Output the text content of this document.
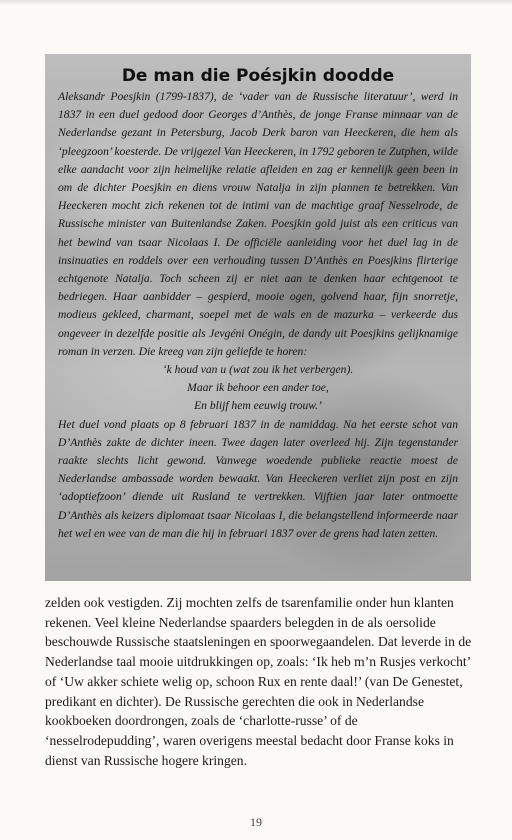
De man die Poésjkin doodde

Aleksandr Poesjkin (1799-1837), de ‘vader van de Russische literatuur’, werd in 1837 in een duel gedood door Georges d’Anthès, de jonge Franse minnaar van de Nederlandse gezant in Petersburg, Jacob Derk baron van Heeckeren, die hem als ‘pleegzoon’ koesterde. De vrijgezel Van Heeckeren, in 1792 geboren te Zutphen, wilde elke aandacht voor zijn heimelijke relatie afleiden en zag er kennelijk geen been in om de dichter Poesjkin en diens vrouw Natalja in zijn plannen te betrekken. Van Heeckeren mocht zich rekenen tot de intimi van de machtige graaf Nesselrode, de Russische minister van Buitenlandse Zaken. Poesjkin gold juist als een criticus van het bewind van tsaar Nicolaas I. De officiële aanleiding voor het duel lag in de insinuaties en roddels over een verhouding tussen D’Anthès en Poesjkins flirterige echtgenote Natalja. Toch scheen zij er niet aan te denken haar echtgenoot te bedriegen. Haar aanbidder – gespierd, mooie ogen, golvend haar, fijn snorretje, modieus gekleed, charmant, soepel met de wals en de mazurka – verkeerde dus ongeveer in dezelfde positie als Jevgéni Onégin, de dandy uit Poesjkins gelijknamige roman in verzen. Die kreeg van zijn geliefde te horen:

‘k houd van u (wat zou ik het verbergen).
Maar ik behoor een ander toe,
En blijf hem eeuwig trouw.’

Het duel vond plaats op 8 februari 1837 in de namiddag. Na het eerste schot van D’Anthès zakte de dichter ineen. Twee dagen later overleed hij. Zijn tegenstander raakte slechts licht gewond. Vanwege woedende publieke reactie moest de Nederlandse ambassade worden bewaakt. Van Heeckeren verliet zijn post en zijn ‘adoptiefzoon’ diende uit Rusland te vertrekken. Vijftien jaar later ontmoette D’Anthès als keizers diplomaat tsaar Nicolaas I, die belangstellend informeerde naar het wel en wee van de man die hij in februari 1837 over de grens had laten zetten.

zelden ook vestigden. Zij mochten zelfs de tsarenfamilie onder hun klanten rekenen. Veel kleine Nederlandse spaarders belegden in de als oersolide beschouwde Russische staatsleningen en spoorwegaandelen. Dat leverde in de Nederlandse taal mooie uitdrukkingen op, zoals: ‘Ik heb m’n Rusjes verkocht’ of ‘Uw akker schiete welig op, schoon Rux en rente daal!’ (van De Genestet, predikant en dichter). De Russische gerechten die ook in Nederlandse kookboeken doordrongen, zoals de ‘charlotte-russe’ of de ‘nesselrodepudding’, waren overigens meestal bedacht door Franse koks in dienst van Russische hogere kringen.

19
